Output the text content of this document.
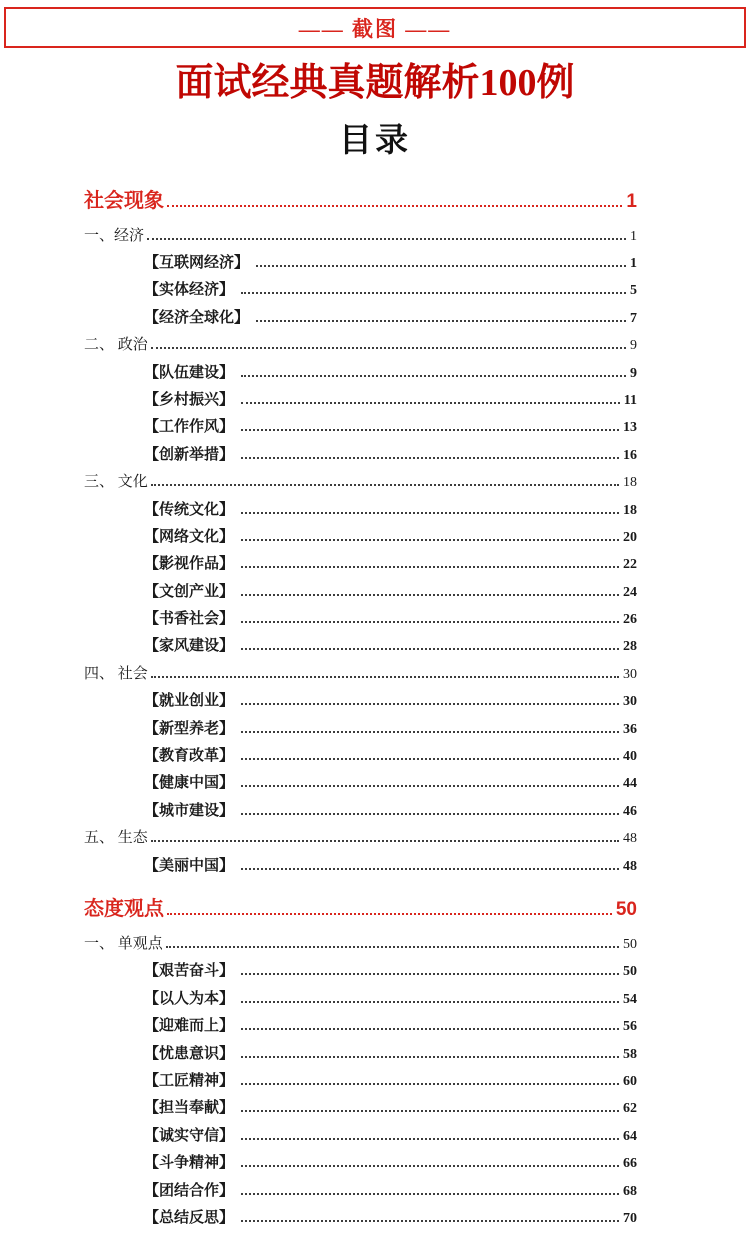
—— 截图 ——
面试经典真题解析100例
目录
社会现象	1
一、经济	1
【互联网经济】	1
【实体经济】	5
【经济全球化】	7
二、 政治	9
【队伍建设】	9
【乡村振兴】	11
【工作作风】	13
【创新举措】	16
三、 文化	18
【传统文化】	18
【网络文化】	20
【影视作品】	22
【文创产业】	24
【书香社会】	26
【家风建设】	28
四、 社会	30
【就业创业】	30
【新型养老】	36
【教育改革】	40
【健康中国】	44
【城市建设】	46
五、 生态	48
【美丽中国】	48
态度观点	50
一、 单观点	50
【艰苦奋斗】	50
【以人为本】	54
【迎难而上】	56
【忧患意识】	58
【工匠精神】	60
【担当奉献】	62
【诚实守信】	64
【斗争精神】	66
【团结合作】	68
【总结反思】	70
